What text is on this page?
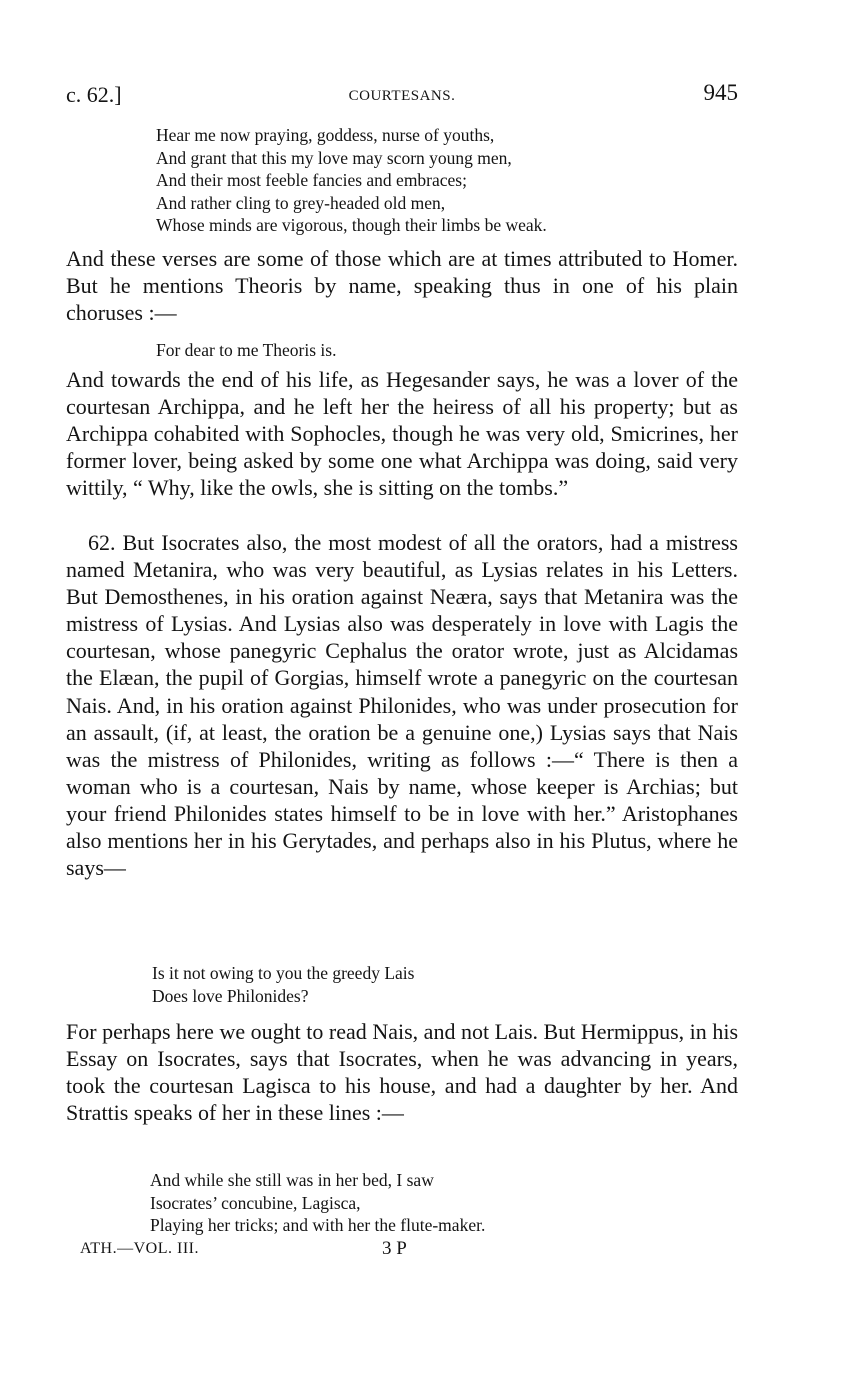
c. 62.]	COURTESANS.	945
Hear me now praying, goddess, nurse of youths,
And grant that this my love may scorn young men,
And their most feeble fancies and embraces;
And rather cling to grey-headed old men,
Whose minds are vigorous, though their limbs be weak.

And these verses are some of those which are at times attributed to Homer. But he mentions Theoris by name, speaking thus in one of his plain choruses :—

For dear to me Theoris is.

And towards the end of his life, as Hegesander says, he was a lover of the courtesan Archippa, and he left her the heiress of all his property; but as Archippa cohabited with Sophocles, though he was very old, Smicrines, her former lover, being asked by some one what Archippa was doing, said very wittily, “ Why, like the owls, she is sitting on the tombs.”

62. But Isocrates also, the most modest of all the orators, had a mistress named Metanira, who was very beautiful, as Lysias relates in his Letters. But Demosthenes, in his oration against Neæra, says that Metanira was the mistress of Lysias. And Lysias also was desperately in love with Lagis the courtesan, whose panegyric Cephalus the orator wrote, just as Alcidamas the Elæan, the pupil of Gorgias, himself wrote a panegyric on the courtesan Nais. And, in his oration against Philonides, who was under prosecution for an assault, (if, at least, the oration be a genuine one,) Lysias says that Nais was the mistress of Philonides, writing as follows :—“ There is then a woman who is a courtesan, Nais by name, whose keeper is Archias; but your friend Philonides states himself to be in love with her.” Aristophanes also mentions her in his Gerytades, and perhaps also in his Plutus, where he says—

Is it not owing to you the greedy Lais
Does love Philonides?

For perhaps here we ought to read Nais, and not Lais. But Hermippus, in his Essay on Isocrates, says that Isocrates, when he was advancing in years, took the courtesan Lagisca to his house, and had a daughter by her. And Strattis speaks of her in these lines :—

And while she still was in her bed, I saw
Isocrates’ concubine, Lagisca,
Playing her tricks; and with her the flute-maker.
ATH.—VOL. III.	3 P
